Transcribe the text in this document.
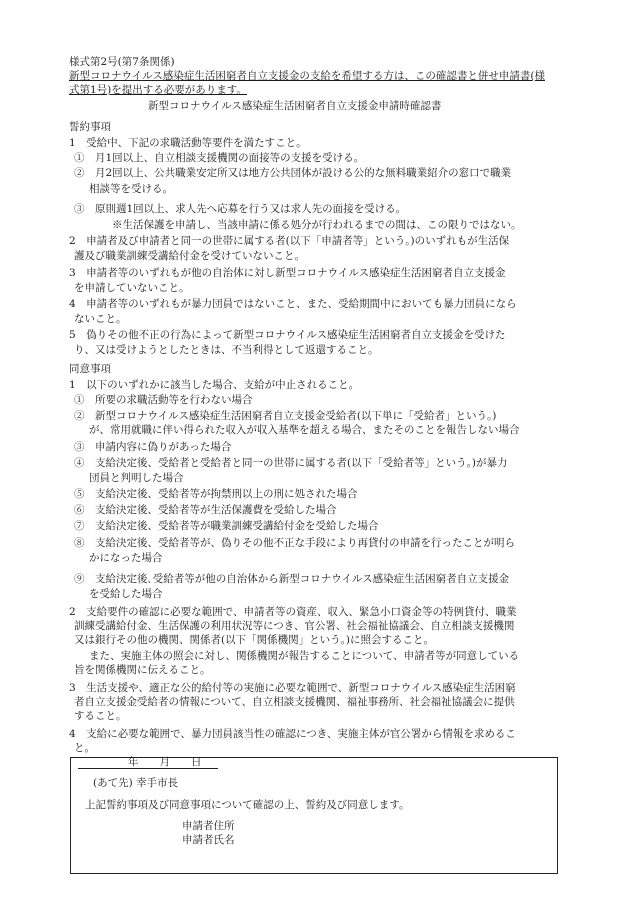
様式第2号(第7条関係)
新型コロナウイルス感染症生活困窮者自立支援金の支給を希望する方は、この確認書と併せ申請書(様
式第1号)を提出する必要があります。
新型コロナウイルス感染症生活困窮者自立支援金申請時確認書
誓約事項
1　受給中、下記の求職活動等要件を満たすこと。
①　月1回以上、自立相談支援機関の面接等の支援を受ける。
②　月2回以上、公共職業安定所又は地方公共団体が設ける公的な無料職業紹介の窓口で職業
相談等を受ける。
③　原則週1回以上、求人先へ応募を行う又は求人先の面接を受ける。
※生活保護を申請し、当該申請に係る処分が行われるまでの間は、この限りではない。
2　申請者及び申請者と同一の世帯に属する者(以下「申請者等」という。)のいずれもが生活保
護及び職業訓練受講給付金を受けていないこと。
3　申請者等のいずれもが他の自治体に対し新型コロナウイルス感染症生活困窮者自立支援金
を申請していないこと。
4　申請者等のいずれもが暴力団員ではないこと、また、受給期間中においても暴力団員になら
ないこと。
5　偽りその他不正の行為によって新型コロナウイルス感染症生活困窮者自立支援金を受けた
り、又は受けようとしたときは、不当利得として返還すること。
同意事項
1　以下のいずれかに該当した場合、支給が中止されること。
①　所要の求職活動等を行わない場合
②　新型コロナウイルス感染症生活困窮者自立支援金受給者(以下単に「受給者」という。)
が、常用就職に伴い得られた収入が収入基準を超える場合、またそのことを報告しない場合
③　申請内容に偽りがあった場合
④　支給決定後、受給者と受給者と同一の世帯に属する者(以下「受給者等」という。)が暴力
団員と判明した場合
⑤　支給決定後、受給者等が拘禁刑以上の刑に処された場合
⑥　支給決定後、受給者等が生活保護費を受給した場合
⑦　支給決定後、受給者等が職業訓練受講給付金を受給した場合
⑧　支給決定後、受給者等が、偽りその他不正な手段により再貸付の申請を行ったことが明ら
かになった場合
⑨　支給決定後､受給者等が他の自治体から新型コロナウイルス感染症生活困窮者自立支援金
を受給した場合
2　支給要件の確認に必要な範囲で、申請者等の資産、収入、緊急小口資金等の特例貸付、職業
訓練受講給付金、生活保護の利用状況等につき、官公署、社会福祉協議会、自立相談支援機関
又は銀行その他の機関、関係者(以下「関係機関」という。)に照会すること。
また、実施主体の照会に対し、関係機関が報告することについて、申請者等が同意している
旨を関係機関に伝えること。
3　生活支援や、適正な公的給付等の実施に必要な範囲で、新型コロナウイルス感染症生活困窮
者自立支援金受給者の情報について、自立相談支援機関、福祉事務所、社会福祉協議会に提供
すること。
4　支給に必要な範囲で、暴力団員該当性の確認につき、実施主体が官公署から情報を求めるこ
と。
年　　月　　日
(あて先) 幸手市長
上記誓約事項及び同意事項について確認の上、誓約及び同意します。
申請者住所
申請者氏名
